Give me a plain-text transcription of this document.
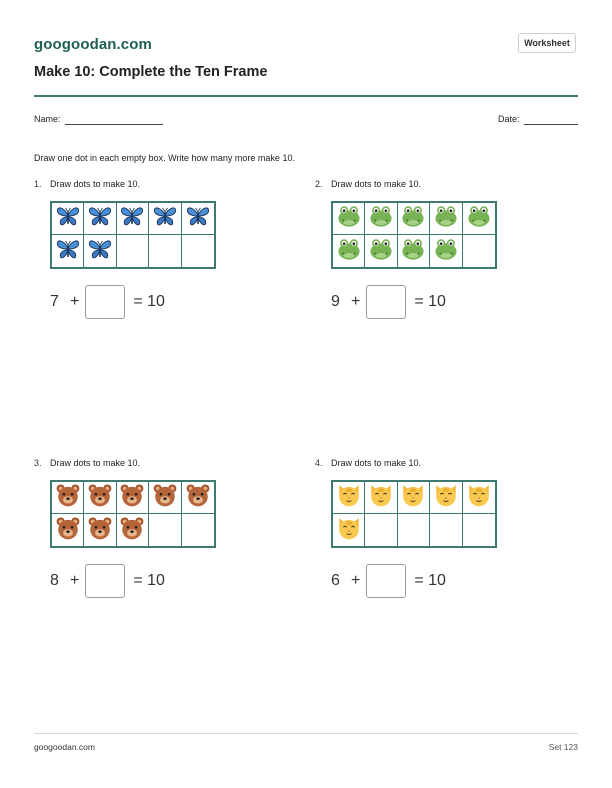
googoodan.com	Worksheet
Make 10: Complete the Ten Frame
Name:	Date:
Draw one dot in each empty box. Write how many more make 10.
1. Draw dots to make 10.
7 +	= 10
2. Draw dots to make 10.
9 +	= 10
3. Draw dots to make 10.
8 +	= 10
4. Draw dots to make 10.
6 +	= 10
googoodan.com	Set 123
